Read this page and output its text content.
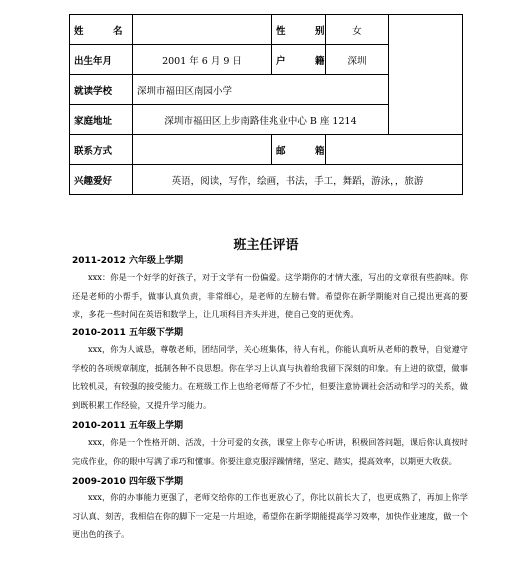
姓　名		性　别	女	
出生年月	2001 年 6 月 9 日	户　籍	深圳	
就读学校	深圳市福田区南园小学			
家庭地址	深圳市福田区上步南路佳兆业中心 B 座 1214			
联系方式		邮　箱		
兴趣爱好	英语，阅读，写作，绘画，书法，手工，舞蹈，游泳，，旅游			
班主任评语
2011-2012 六年级上学期
xxx：你是一个好学的好孩子，对于文学有一份偏爱。这学期你的才情大涨，写出的文章很有些韵味。你还是老师的小帮手，做事认真负责，非常细心，是老师的左膀右臂。希望你在新学期能对自己提出更高的要求，多花一些时间在英语和数学上，让几项科目齐头并进，使自己变的更优秀。
2010-2011 五年级下学期
xxx，你为人诚恳，尊敬老师，团结同学，关心班集体，待人有礼，你能认真听从老师的教导，自觉遵守学校的各项规章制度，抵制各种不良思想。你在学习上认真与执着给我留下深刻的印象。有上进的欲望，做事比较机灵，有较强的接受能力。在班级工作上也给老师帮了不少忙，但要注意协调社会活动和学习的关系，做到既积累工作经验，又提升学习能力。
2010-2011 五年级上学期
xxx，你是一个性格开朗、活泼，十分可爱的女孩，课堂上你专心听讲，积极回答问题，课后你认真按时完成作业，你的眼中写满了乖巧和懂事。你要注意克服浮躁情绪，坚定、踏实，提高效率，以期更大收获。
2009-2010 四年级下学期
xxx，你的办事能力更强了，老师交给你的工作也更放心了，你比以前长大了，也更成熟了，再加上你学习认真、刻苦，我相信在你的脚下一定是一片坦途，希望你在新学期能提高学习效率，加快作业速度，做一个更出色的孩子。
